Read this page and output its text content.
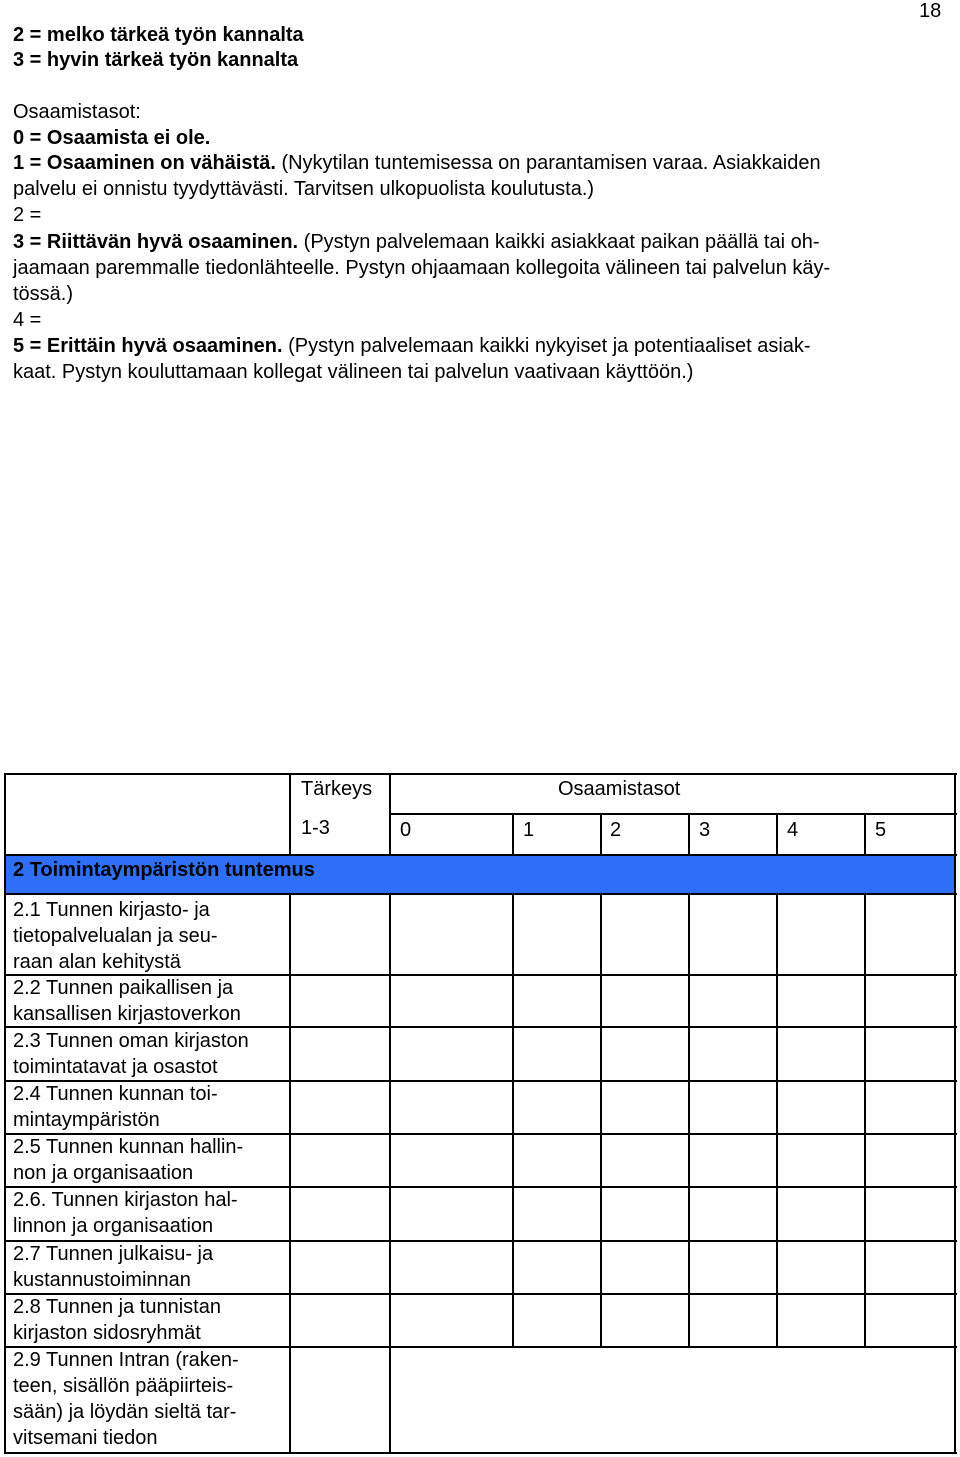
18
2 = melko tärkeä työn kannalta
3 = hyvin tärkeä työn kannalta
Osaamistasot:
0 = Osaamista ei ole.
1 = Osaaminen on vähäistä. (Nykytilan tuntemisessa on parantamisen varaa. Asiakkaiden
palvelu ei onnistu tyydyttävästi. Tarvitsen ulkopuolista koulutusta.)
2 =
3 = Riittävän hyvä osaaminen. (Pystyn palvelemaan kaikki asiakkaat paikan päällä tai oh-
jaamaan paremmalle tiedonlähteelle. Pystyn ohjaamaan kollegoita välineen tai palvelun käy-
tössä.)
4 =
5 = Erittäin hyvä osaaminen. (Pystyn palvelemaan kaikki nykyiset ja potentiaaliset asiak-
kaat. Pystyn kouluttamaan kollegat välineen tai palvelun vaativaan käyttöön.)
Tärkeys
1-3
Osaamistasot
0	1	2	3	4	5
2 Toimintaympäristön tuntemus
2.1 Tunnen kirjasto- ja
tietopalvelualan ja seu-
raan alan kehitystä
2.2 Tunnen paikallisen ja
kansallisen kirjastoverkon
2.3 Tunnen oman kirjaston
toimintatavat ja osastot
2.4 Tunnen kunnan toi-
mintaympäristön
2.5 Tunnen kunnan hallin-
non ja organisaation
2.6. Tunnen kirjaston hal-
linnon ja organisaation
2.7 Tunnen julkaisu- ja
kustannustoiminnan
2.8 Tunnen ja tunnistan
kirjaston sidosryhmät
2.9 Tunnen Intran (raken-
teen, sisällön pääpiirteis-
sään) ja löydän sieltä tar-
vitsemani tiedon
